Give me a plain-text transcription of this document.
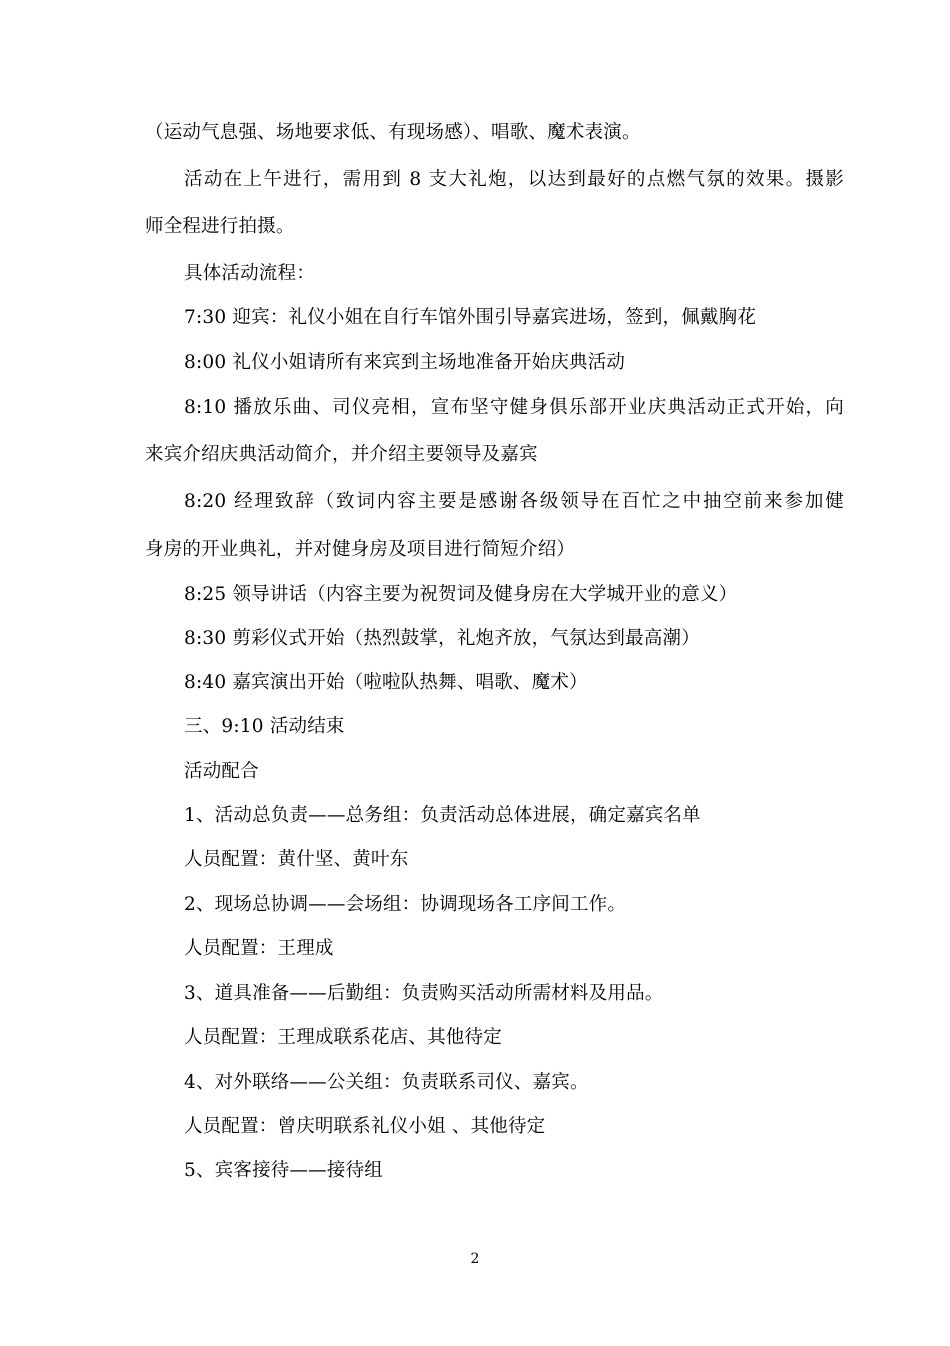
（运动气息强、场地要求低、有现场感）、唱歌、魔术表演。
活动在上午进行，需用到 8 支大礼炮，以达到最好的点燃气氛的效果。摄影
师全程进行拍摄。
具体活动流程：
7:30 迎宾：礼仪小姐在自行车馆外围引导嘉宾进场，签到，佩戴胸花
8:00 礼仪小姐请所有来宾到主场地准备开始庆典活动
8:10 播放乐曲、司仪亮相，宣布坚守健身俱乐部开业庆典活动正式开始，向
来宾介绍庆典活动简介，并介绍主要领导及嘉宾
8:20 经理致辞（致词内容主要是感谢各级领导在百忙之中抽空前来参加健
身房的开业典礼，并对健身房及项目进行简短介绍）
8:25 领导讲话（内容主要为祝贺词及健身房在大学城开业的意义）
8:30 剪彩仪式开始（热烈鼓掌，礼炮齐放，气氛达到最高潮）
8:40 嘉宾演出开始（啦啦队热舞、唱歌、魔术）
三、9:10 活动结束
活动配合
1、活动总负责——总务组：负责活动总体进展，确定嘉宾名单
人员配置：黄什坚、黄叶东
2、现场总协调——会场组：协调现场各工序间工作。
人员配置：王理成
3、道具准备——后勤组：负责购买活动所需材料及用品。
人员配置：王理成联系花店、其他待定
4、对外联络——公关组：负责联系司仪、嘉宾。
人员配置：曾庆明联系礼仪小姐 、其他待定
5、宾客接待——接待组
2
